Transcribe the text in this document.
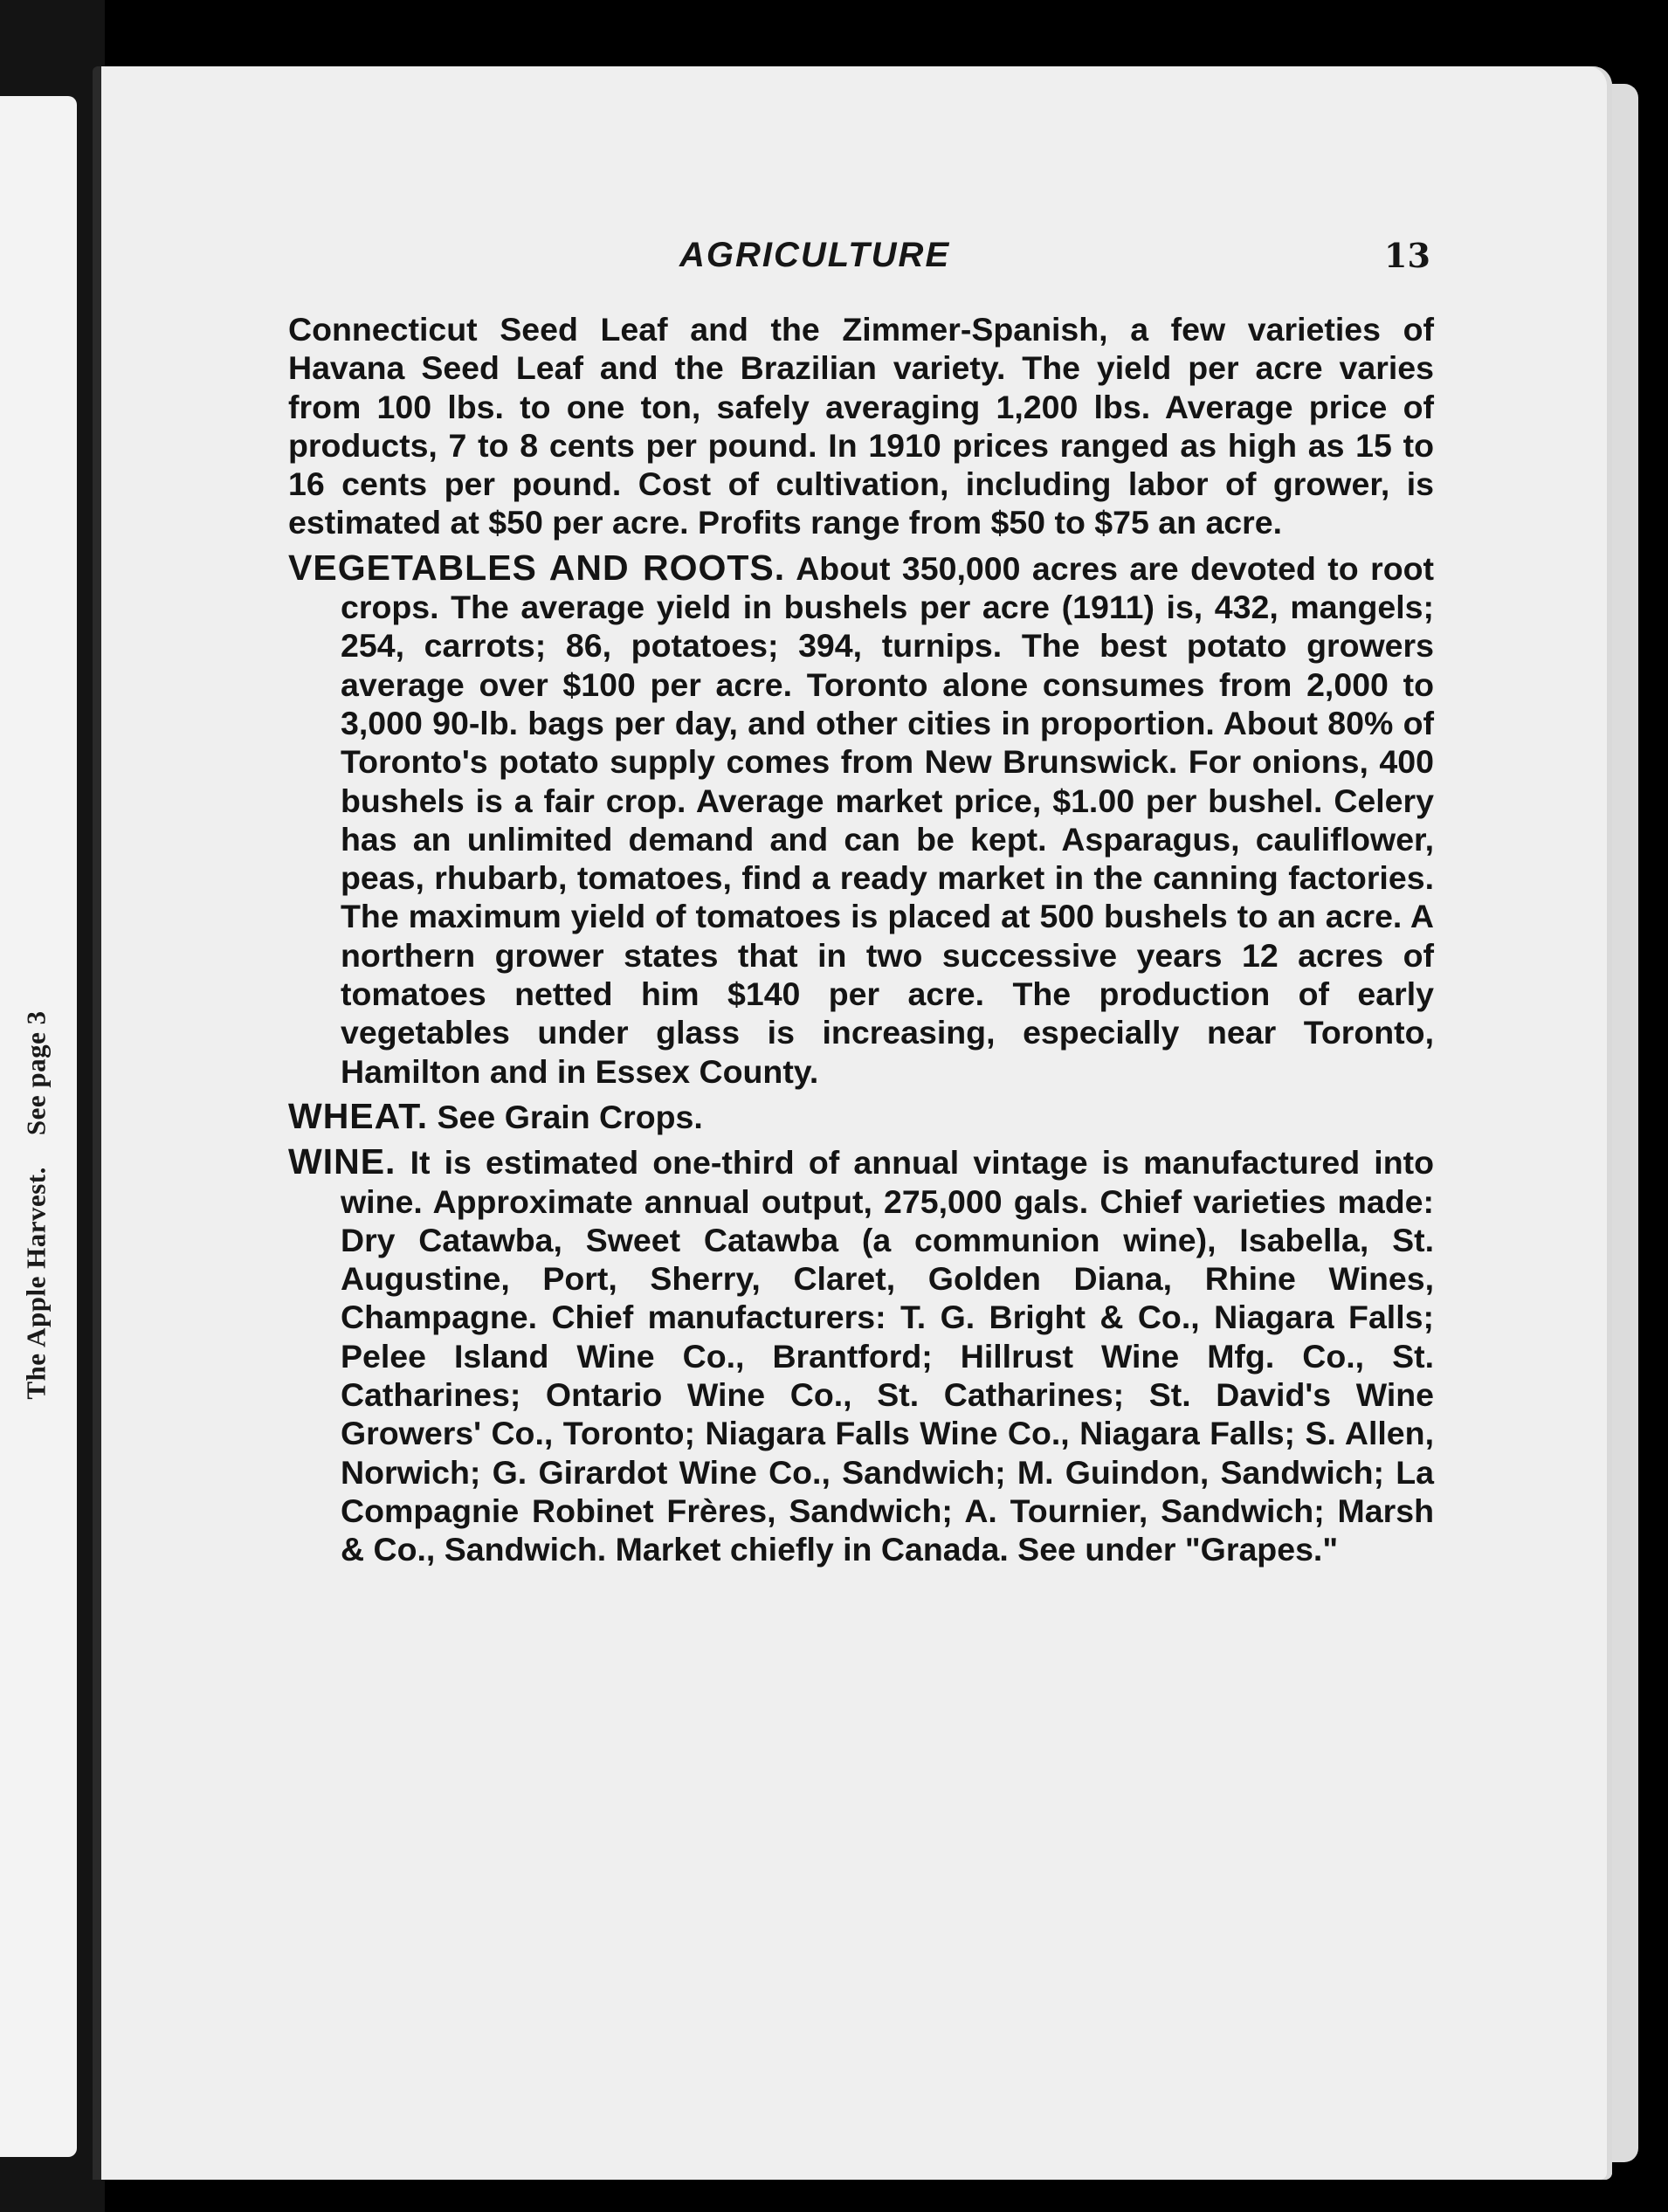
The Apple Harvest.See page 3
AGRICULTURE	13

Connecticut Seed Leaf and the Zimmer-Spanish, a few varieties of Havana Seed Leaf and the Brazilian variety. The yield per acre varies from 100 lbs. to one ton, safely averaging 1,200 lbs. Average price of products, 7 to 8 cents per pound. In 1910 prices ranged as high as 15 to 16 cents per pound. Cost of cultivation, including labor of grower, is estimated at $50 per acre. Profits range from $50 to $75 an acre.

VEGETABLES AND ROOTS. About 350,000 acres are devoted to root crops. The average yield in bushels per acre (1911) is, 432, mangels; 254, carrots; 86, potatoes; 394, turnips. The best potato growers average over $100 per acre. Toronto alone consumes from 2,000 to 3,000 90-lb. bags per day, and other cities in proportion. About 80% of Toronto's potato supply comes from New Brunswick. For onions, 400 bushels is a fair crop. Average market price, $1.00 per bushel. Celery has an unlimited demand and can be kept. Asparagus, cauliflower, peas, rhubarb, tomatoes, find a ready market in the canning factories. The maximum yield of tomatoes is placed at 500 bushels to an acre. A northern grower states that in two successive years 12 acres of tomatoes netted him $140 per acre. The production of early vegetables under glass is increasing, especially near Toronto, Hamilton and in Essex County.

WHEAT. See Grain Crops.

WINE. It is estimated one-third of annual vintage is manufactured into wine. Approximate annual output, 275,000 gals. Chief varieties made: Dry Catawba, Sweet Catawba (a communion wine), Isabella, St. Augustine, Port, Sherry, Claret, Golden Diana, Rhine Wines, Champagne. Chief manufacturers: T. G. Bright & Co., Niagara Falls; Pelee Island Wine Co., Brantford; Hillrust Wine Mfg. Co., St. Catharines; Ontario Wine Co., St. Catharines; St. David's Wine Growers' Co., Toronto; Niagara Falls Wine Co., Niagara Falls; S. Allen, Norwich; G. Girardot Wine Co., Sandwich; M. Guindon, Sandwich; La Compagnie Robinet Frères, Sandwich; A. Tournier, Sandwich; Marsh & Co., Sandwich. Market chiefly in Canada. See under "Grapes."
